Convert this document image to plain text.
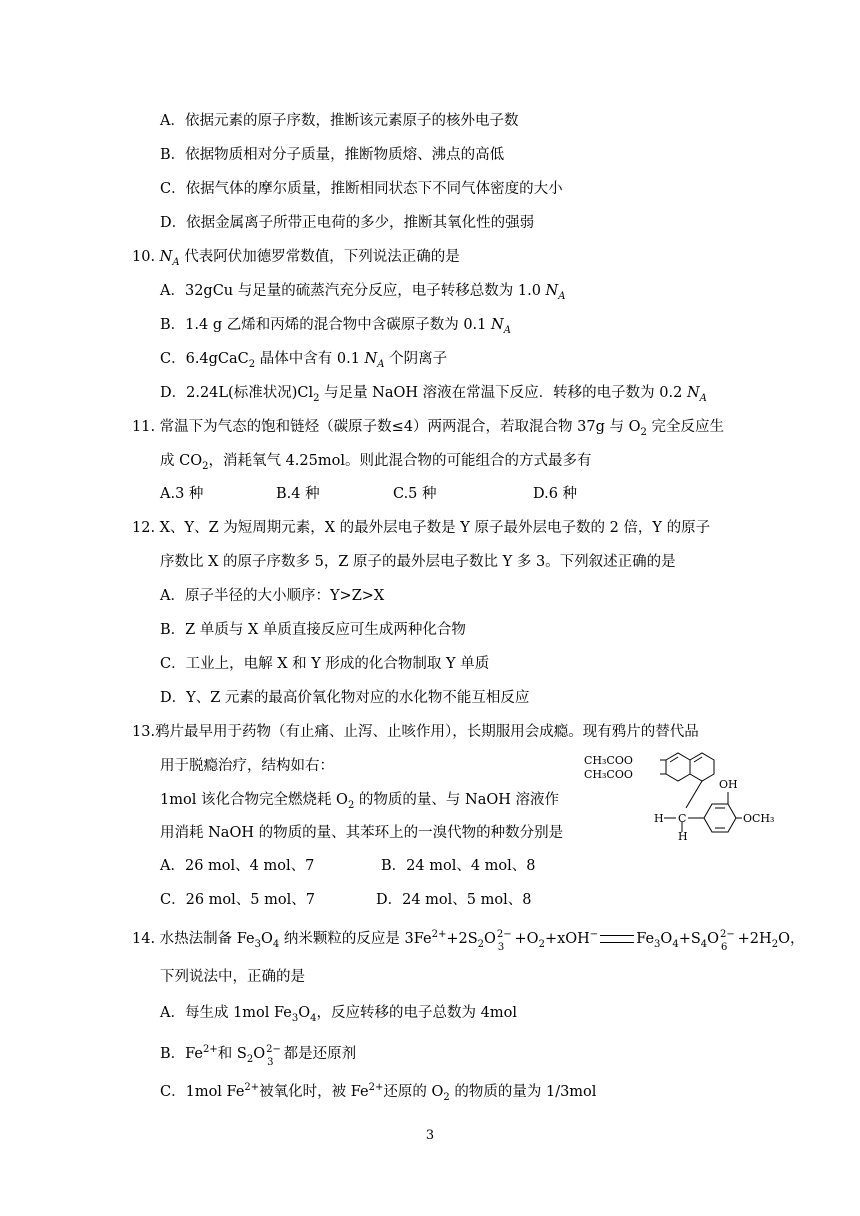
A．依据元素的原子序数，推断该元素原子的核外电子数
B．依据物质相对分子质量，推断物质熔、沸点的高低
C．依据气体的摩尔质量，推断相同状态下不同气体密度的大小
D．依据金属离子所带正电荷的多少，推断其氧化性的强弱
10. $N_A$ 代表阿伏加德罗常数值，下列说法正确的是
A．32gCu 与足量的硫蒸汽充分反应，电子转移总数为 1.0 $N_A$
B．1.4 g 乙烯和丙烯的混合物中含碳原子数为 0.1 $N_A$
C．6.4gCaC$_2$ 晶体中含有 0.1 $N_A$ 个阴离子
D．2.24L(标准状况)$Cl_2$ 与足量 NaOH 溶液在常温下反应．转移的电子数为 0.2 $N_A$
11. 常温下为气态的饱和链烃（碳原子数≤4）两两混合，若取混合物 37g 与 $O_2$ 完全反应生
成 $CO_2$，消耗氧气 4.25mol。则此混合物的可能组合的方式最多有
A.3 种	B.4 种	C.5 种	D.6 种
12. X、Y、Z 为短周期元素，X 的最外层电子数是 Y 原子最外层电子数的 2 倍，Y 的原子
序数比 X 的原子序数多 5，Z 原子的最外层电子数比 Y 多 3。下列叙述正确的是
A．原子半径的大小顺序：Y>Z>X
B．Z 单质与 X 单质直接反应可生成两种化合物
C．工业上，电解 X 和 Y 形成的化合物制取 Y 单质
D．Y、Z 元素的最高价氧化物对应的水化物不能互相反应
13.鸦片最早用于药物（有止痛、止泻、止咳作用），长期服用会成瘾。现有鸦片的替代品
用于脱瘾治疗，结构如右：
1mol 该化合物完全燃烧耗 $O_2$ 的物质的量、与 NaOH 溶液作
用消耗 NaOH 的物质的量、其苯环上的一溴代物的种数分别是
A．26 mol、4 mol、7	B．24 mol、4 mol、8
C．26 mol、5 mol、7	D．24 mol、5 mol、8
CH₃COO
CH₃COO
OH
H C
H
OCH₃
14. 水热法制备 $Fe_3O_4$ 纳米颗粒的反应是 $3Fe^{2+}+2S_2O$ 2−
3
$+O_2+xOH^-$	$Fe_3O_4+S_4O$ 2−
6
$+2H_2O$，
下列说法中，正确的是
A．每生成 1mol $Fe_3O_4$，反应转移的电子总数为 4mol
B．$Fe^{2+}$和 $S_2O$ 2−
3
都是还原剂
C．1mol $Fe^{2+}$被氧化时，被 $Fe^{2+}$还原的 $O_2$ 的物质的量为 1/3mol
3
